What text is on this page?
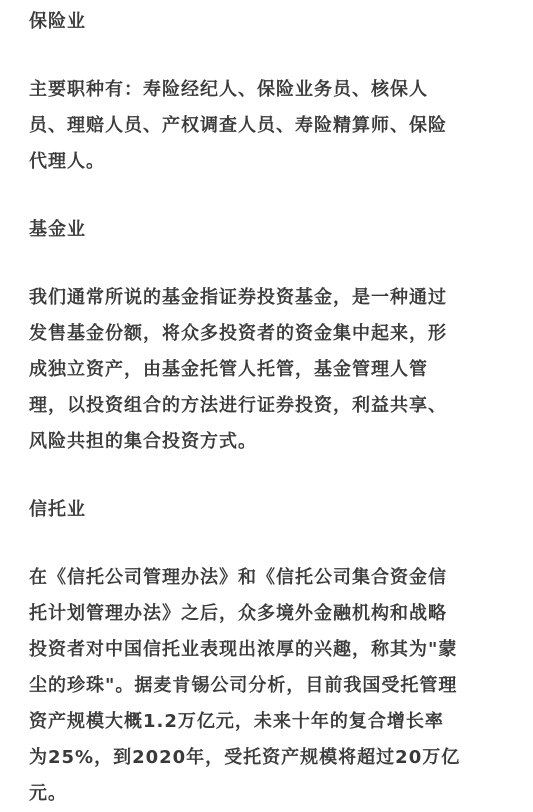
保险业

主要职种有：寿险经纪人、保险业务员、核保人
员、理赔人员、产权调查人员、寿险精算师、保险
代理人。

基金业

我们通常所说的基金指证券投资基金，是一种通过
发售基金份额，将众多投资者的资金集中起来，形
成独立资产，由基金托管人托管，基金管理人管
理，以投资组合的方法进行证券投资，利益共享、
风险共担的集合投资方式。

信托业

在《信托公司管理办法》和《信托公司集合资金信
托计划管理办法》之后，众多境外金融机构和战略
投资者对中国信托业表现出浓厚的兴趣，称其为"蒙
尘的珍珠"。据麦肯锡公司分析，目前我国受托管理
资产规模大概1.2万亿元，未来十年的复合增长率
为25%，到2020年，受托资产规模将超过20万亿
元。
